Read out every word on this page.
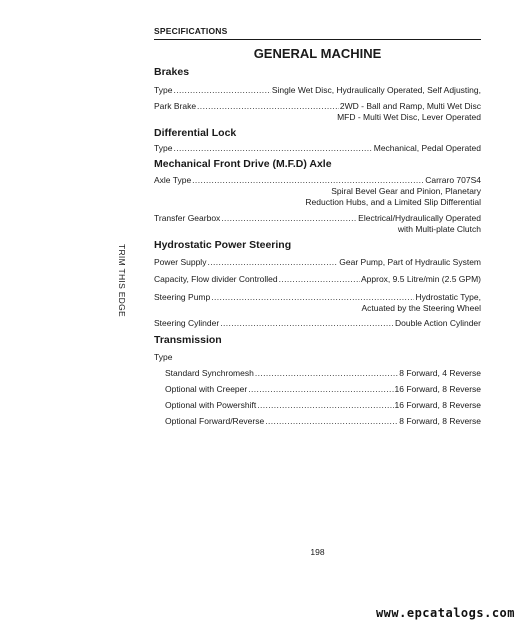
SPECIFICATIONS
GENERAL MACHINE
TRIM THIS EDGE
Brakes
Type .....	Single Wet Disc, Hydraulically Operated, Self Adjusting,
Park Brake .....	2WD - Ball and Ramp, Multi Wet Disc
MFD - Multi Wet Disc, Lever Operated
Differential Lock
Type .....	Mechanical, Pedal Operated
Mechanical Front Drive (M.F.D) Axle
Axle Type .....	Carraro 707S4
Spiral Bevel Gear and Pinion, Planetary
Reduction Hubs, and a Limited Slip Differential
Transfer Gearbox .....	Electrical/Hydraulically Operated
with Multi-plate Clutch
Hydrostatic Power Steering
Power Supply .....	Gear Pump, Part of Hydraulic System
Capacity, Flow divider Controlled .....	Approx, 9.5 Litre/min (2.5 GPM)
Steering Pump .....	Hydrostatic Type,
Actuated by the Steering Wheel
Steering Cylinder .....	Double Action Cylinder
Transmission
Type
Standard Synchromesh .....	8 Forward, 4 Reverse
Optional with Creeper .....	16 Forward, 8 Reverse
Optional with Powershift .....	16 Forward, 8 Reverse
Optional Forward/Reverse .....	8 Forward, 8 Reverse
198
www.epcatalogs.com
